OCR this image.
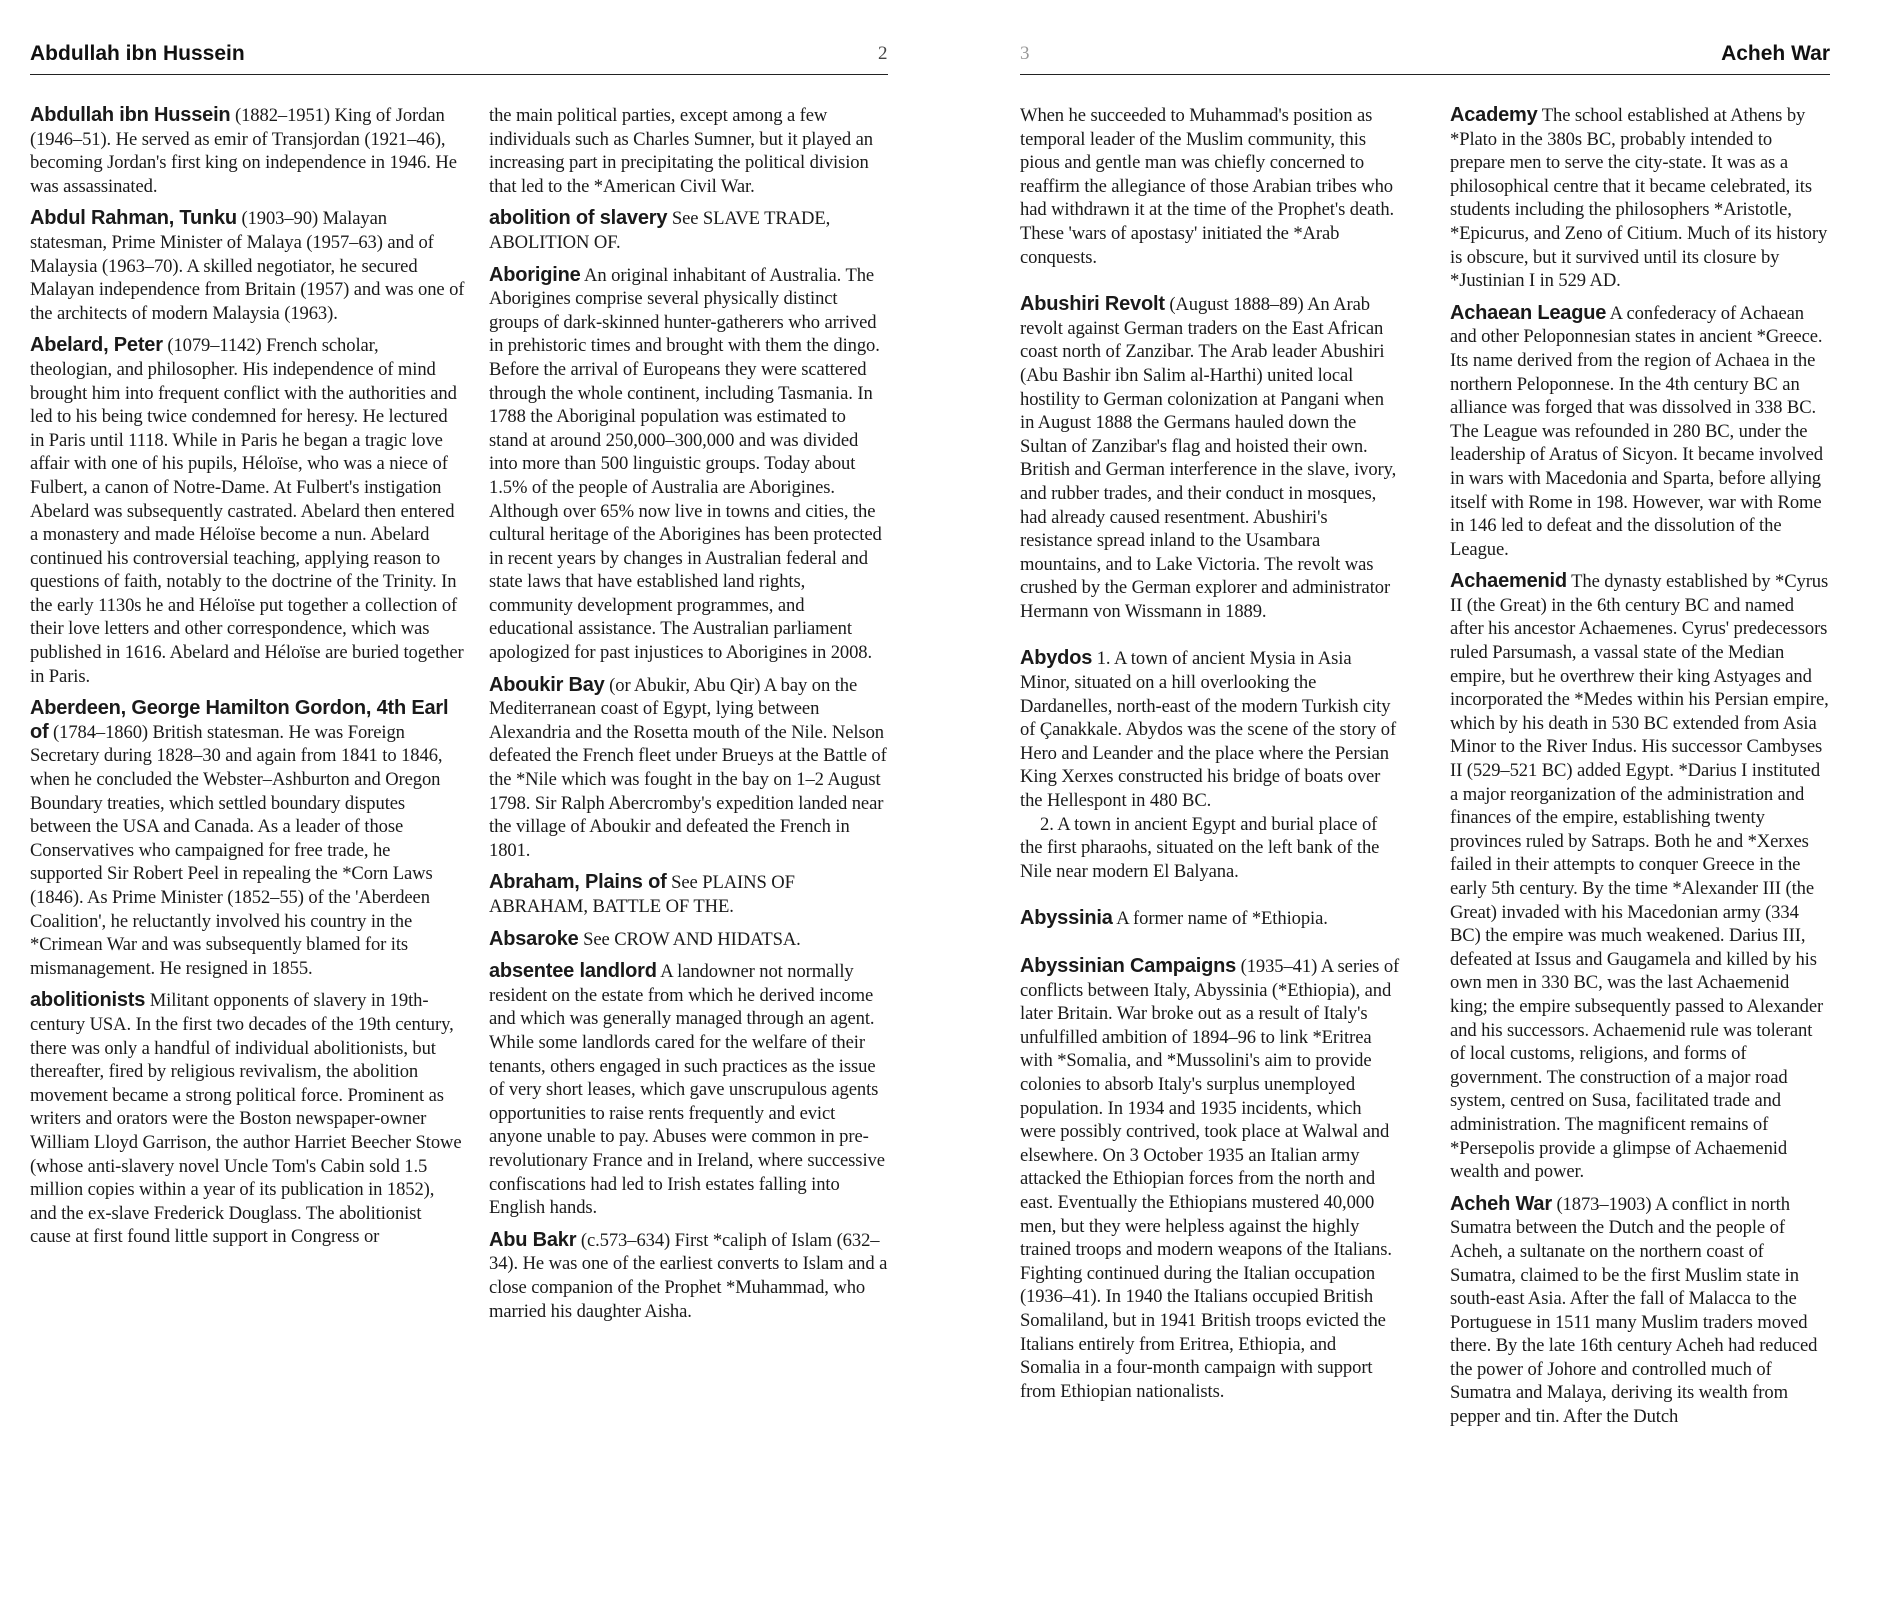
Abdullah ibn Hussein	2

Abdullah ibn Hussein (1882–1951) King of Jordan (1946–51). He served as emir of Transjordan (1921–46), becoming Jordan's first king on independence in 1946. He was assassinated.

Abdul Rahman, Tunku (1903–90) Malayan statesman, Prime Minister of Malaya (1957–63) and of Malaysia (1963–70). A skilled negotiator, he secured Malayan independence from Britain (1957) and was one of the architects of modern Malaysia (1963).

Abelard, Peter (1079–1142) French scholar, theologian, and philosopher. His independence of mind brought him into frequent conflict with the authorities and led to his being twice condemned for heresy. He lectured in Paris until 1118. While in Paris he began a tragic love affair with one of his pupils, Héloïse, who was a niece of Fulbert, a canon of Notre-Dame. At Fulbert's instigation Abelard was subsequently castrated. Abelard then entered a monastery and made Héloïse become a nun. Abelard continued his controversial teaching, applying reason to questions of faith, notably to the doctrine of the Trinity. In the early 1130s he and Héloïse put together a collection of their love letters and other correspondence, which was published in 1616. Abelard and Héloïse are buried together in Paris.

Aberdeen, George Hamilton Gordon, 4th Earl of (1784–1860) British statesman. He was Foreign Secretary during 1828–30 and again from 1841 to 1846, when he concluded the Webster–Ashburton and Oregon Boundary treaties, which settled boundary disputes between the USA and Canada. As a leader of those Conservatives who campaigned for free trade, he supported Sir Robert Peel in repealing the *Corn Laws (1846). As Prime Minister (1852–55) of the 'Aberdeen Coalition', he reluctantly involved his country in the *Crimean War and was subsequently blamed for its mismanagement. He resigned in 1855.

abolitionists Militant opponents of slavery in 19th-century USA. In the first two decades of the 19th century, there was only a handful of individual abolitionists, but thereafter, fired by religious revivalism, the abolition movement became a strong political force. Prominent as writers and orators were the Boston newspaper-owner William Lloyd Garrison, the author Harriet Beecher Stowe (whose anti-slavery novel Uncle Tom's Cabin sold 1.5 million copies within a year of its publication in 1852), and the ex-slave Frederick Douglass. The abolitionist cause at first found little support in Congress or

the main political parties, except among a few individuals such as Charles Sumner, but it played an increasing part in precipitating the political division that led to the *American Civil War.

abolition of slavery See SLAVE TRADE, ABOLITION OF.

Aborigine An original inhabitant of Australia. The Aborigines comprise several physically distinct groups of dark-skinned hunter-gatherers who arrived in prehistoric times and brought with them the dingo. Before the arrival of Europeans they were scattered through the whole continent, including Tasmania. In 1788 the Aboriginal population was estimated to stand at around 250,000–300,000 and was divided into more than 500 linguistic groups. Today about 1.5% of the people of Australia are Aborigines. Although over 65% now live in towns and cities, the cultural heritage of the Aborigines has been protected in recent years by changes in Australian federal and state laws that have established land rights, community development programmes, and educational assistance. The Australian parliament apologized for past injustices to Aborigines in 2008.

Aboukir Bay (or Abukir, Abu Qir) A bay on the Mediterranean coast of Egypt, lying between Alexandria and the Rosetta mouth of the Nile. Nelson defeated the French fleet under Brueys at the Battle of the *Nile which was fought in the bay on 1–2 August 1798. Sir Ralph Abercromby's expedition landed near the village of Aboukir and defeated the French in 1801.

Abraham, Plains of See PLAINS OF ABRAHAM, BATTLE OF THE.

Absaroke See CROW AND HIDATSA.

absentee landlord A landowner not normally resident on the estate from which he derived income and which was generally managed through an agent. While some landlords cared for the welfare of their tenants, others engaged in such practices as the issue of very short leases, which gave unscrupulous agents opportunities to raise rents frequently and evict anyone unable to pay. Abuses were common in pre-revolutionary France and in Ireland, where successive confiscations had led to Irish estates falling into English hands.

Abu Bakr (c.573–634) First *caliph of Islam (632–34). He was one of the earliest converts to Islam and a close companion of the Prophet *Muhammad, who married his daughter Aisha.

3	Acheh War

When he succeeded to Muhammad's position as temporal leader of the Muslim community, this pious and gentle man was chiefly concerned to reaffirm the allegiance of those Arabian tribes who had withdrawn it at the time of the Prophet's death. These 'wars of apostasy' initiated the *Arab conquests.

Abushiri Revolt (August 1888–89) An Arab revolt against German traders on the East African coast north of Zanzibar. The Arab leader Abushiri (Abu Bashir ibn Salim al-Harthi) united local hostility to German colonization at Pangani when in August 1888 the Germans hauled down the Sultan of Zanzibar's flag and hoisted their own. British and German interference in the slave, ivory, and rubber trades, and their conduct in mosques, had already caused resentment. Abushiri's resistance spread inland to the Usambara mountains, and to Lake Victoria. The revolt was crushed by the German explorer and administrator Hermann von Wissmann in 1889.

Abydos 1. A town of ancient Mysia in Asia Minor, situated on a hill overlooking the Dardanelles, north-east of the modern Turkish city of Çanakkale. Abydos was the scene of the story of Hero and Leander and the place where the Persian King Xerxes constructed his bridge of boats over the Hellespont in 480 BC.

2. A town in ancient Egypt and burial place of the first pharaohs, situated on the left bank of the Nile near modern El Balyana.

Abyssinia A former name of *Ethiopia.

Abyssinian Campaigns (1935–41) A series of conflicts between Italy, Abyssinia (*Ethiopia), and later Britain. War broke out as a result of Italy's unfulfilled ambition of 1894–96 to link *Eritrea with *Somalia, and *Mussolini's aim to provide colonies to absorb Italy's surplus unemployed population. In 1934 and 1935 incidents, which were possibly contrived, took place at Walwal and elsewhere. On 3 October 1935 an Italian army attacked the Ethiopian forces from the north and east. Eventually the Ethiopians mustered 40,000 men, but they were helpless against the highly trained troops and modern weapons of the Italians. Fighting continued during the Italian occupation (1936–41). In 1940 the Italians occupied British Somaliland, but in 1941 British troops evicted the Italians entirely from Eritrea, Ethiopia, and Somalia in a four-month campaign with support from Ethiopian nationalists.

Academy The school established at Athens by *Plato in the 380s BC, probably intended to prepare men to serve the city-state. It was as a philosophical centre that it became celebrated, its students including the philosophers *Aristotle, *Epicurus, and Zeno of Citium. Much of its history is obscure, but it survived until its closure by *Justinian I in 529 AD.

Achaean League A confederacy of Achaean and other Peloponnesian states in ancient *Greece. Its name derived from the region of Achaea in the northern Peloponnese. In the 4th century BC an alliance was forged that was dissolved in 338 BC. The League was refounded in 280 BC, under the leadership of Aratus of Sicyon. It became involved in wars with Macedonia and Sparta, before allying itself with Rome in 198. However, war with Rome in 146 led to defeat and the dissolution of the League.

Achaemenid The dynasty established by *Cyrus II (the Great) in the 6th century BC and named after his ancestor Achaemenes. Cyrus' predecessors ruled Parsumash, a vassal state of the Median empire, but he overthrew their king Astyages and incorporated the *Medes within his Persian empire, which by his death in 530 BC extended from Asia Minor to the River Indus. His successor Cambyses II (529–521 BC) added Egypt. *Darius I instituted a major reorganization of the administration and finances of the empire, establishing twenty provinces ruled by Satraps. Both he and *Xerxes failed in their attempts to conquer Greece in the early 5th century. By the time *Alexander III (the Great) invaded with his Macedonian army (334 BC) the empire was much weakened. Darius III, defeated at Issus and Gaugamela and killed by his own men in 330 BC, was the last Achaemenid king; the empire subsequently passed to Alexander and his successors. Achaemenid rule was tolerant of local customs, religions, and forms of government. The construction of a major road system, centred on Susa, facilitated trade and administration. The magnificent remains of *Persepolis provide a glimpse of Achaemenid wealth and power.

Acheh War (1873–1903) A conflict in north Sumatra between the Dutch and the people of Acheh, a sultanate on the northern coast of Sumatra, claimed to be the first Muslim state in south-east Asia. After the fall of Malacca to the Portuguese in 1511 many Muslim traders moved there. By the late 16th century Acheh had reduced the power of Johore and controlled much of Sumatra and Malaya, deriving its wealth from pepper and tin. After the Dutch
